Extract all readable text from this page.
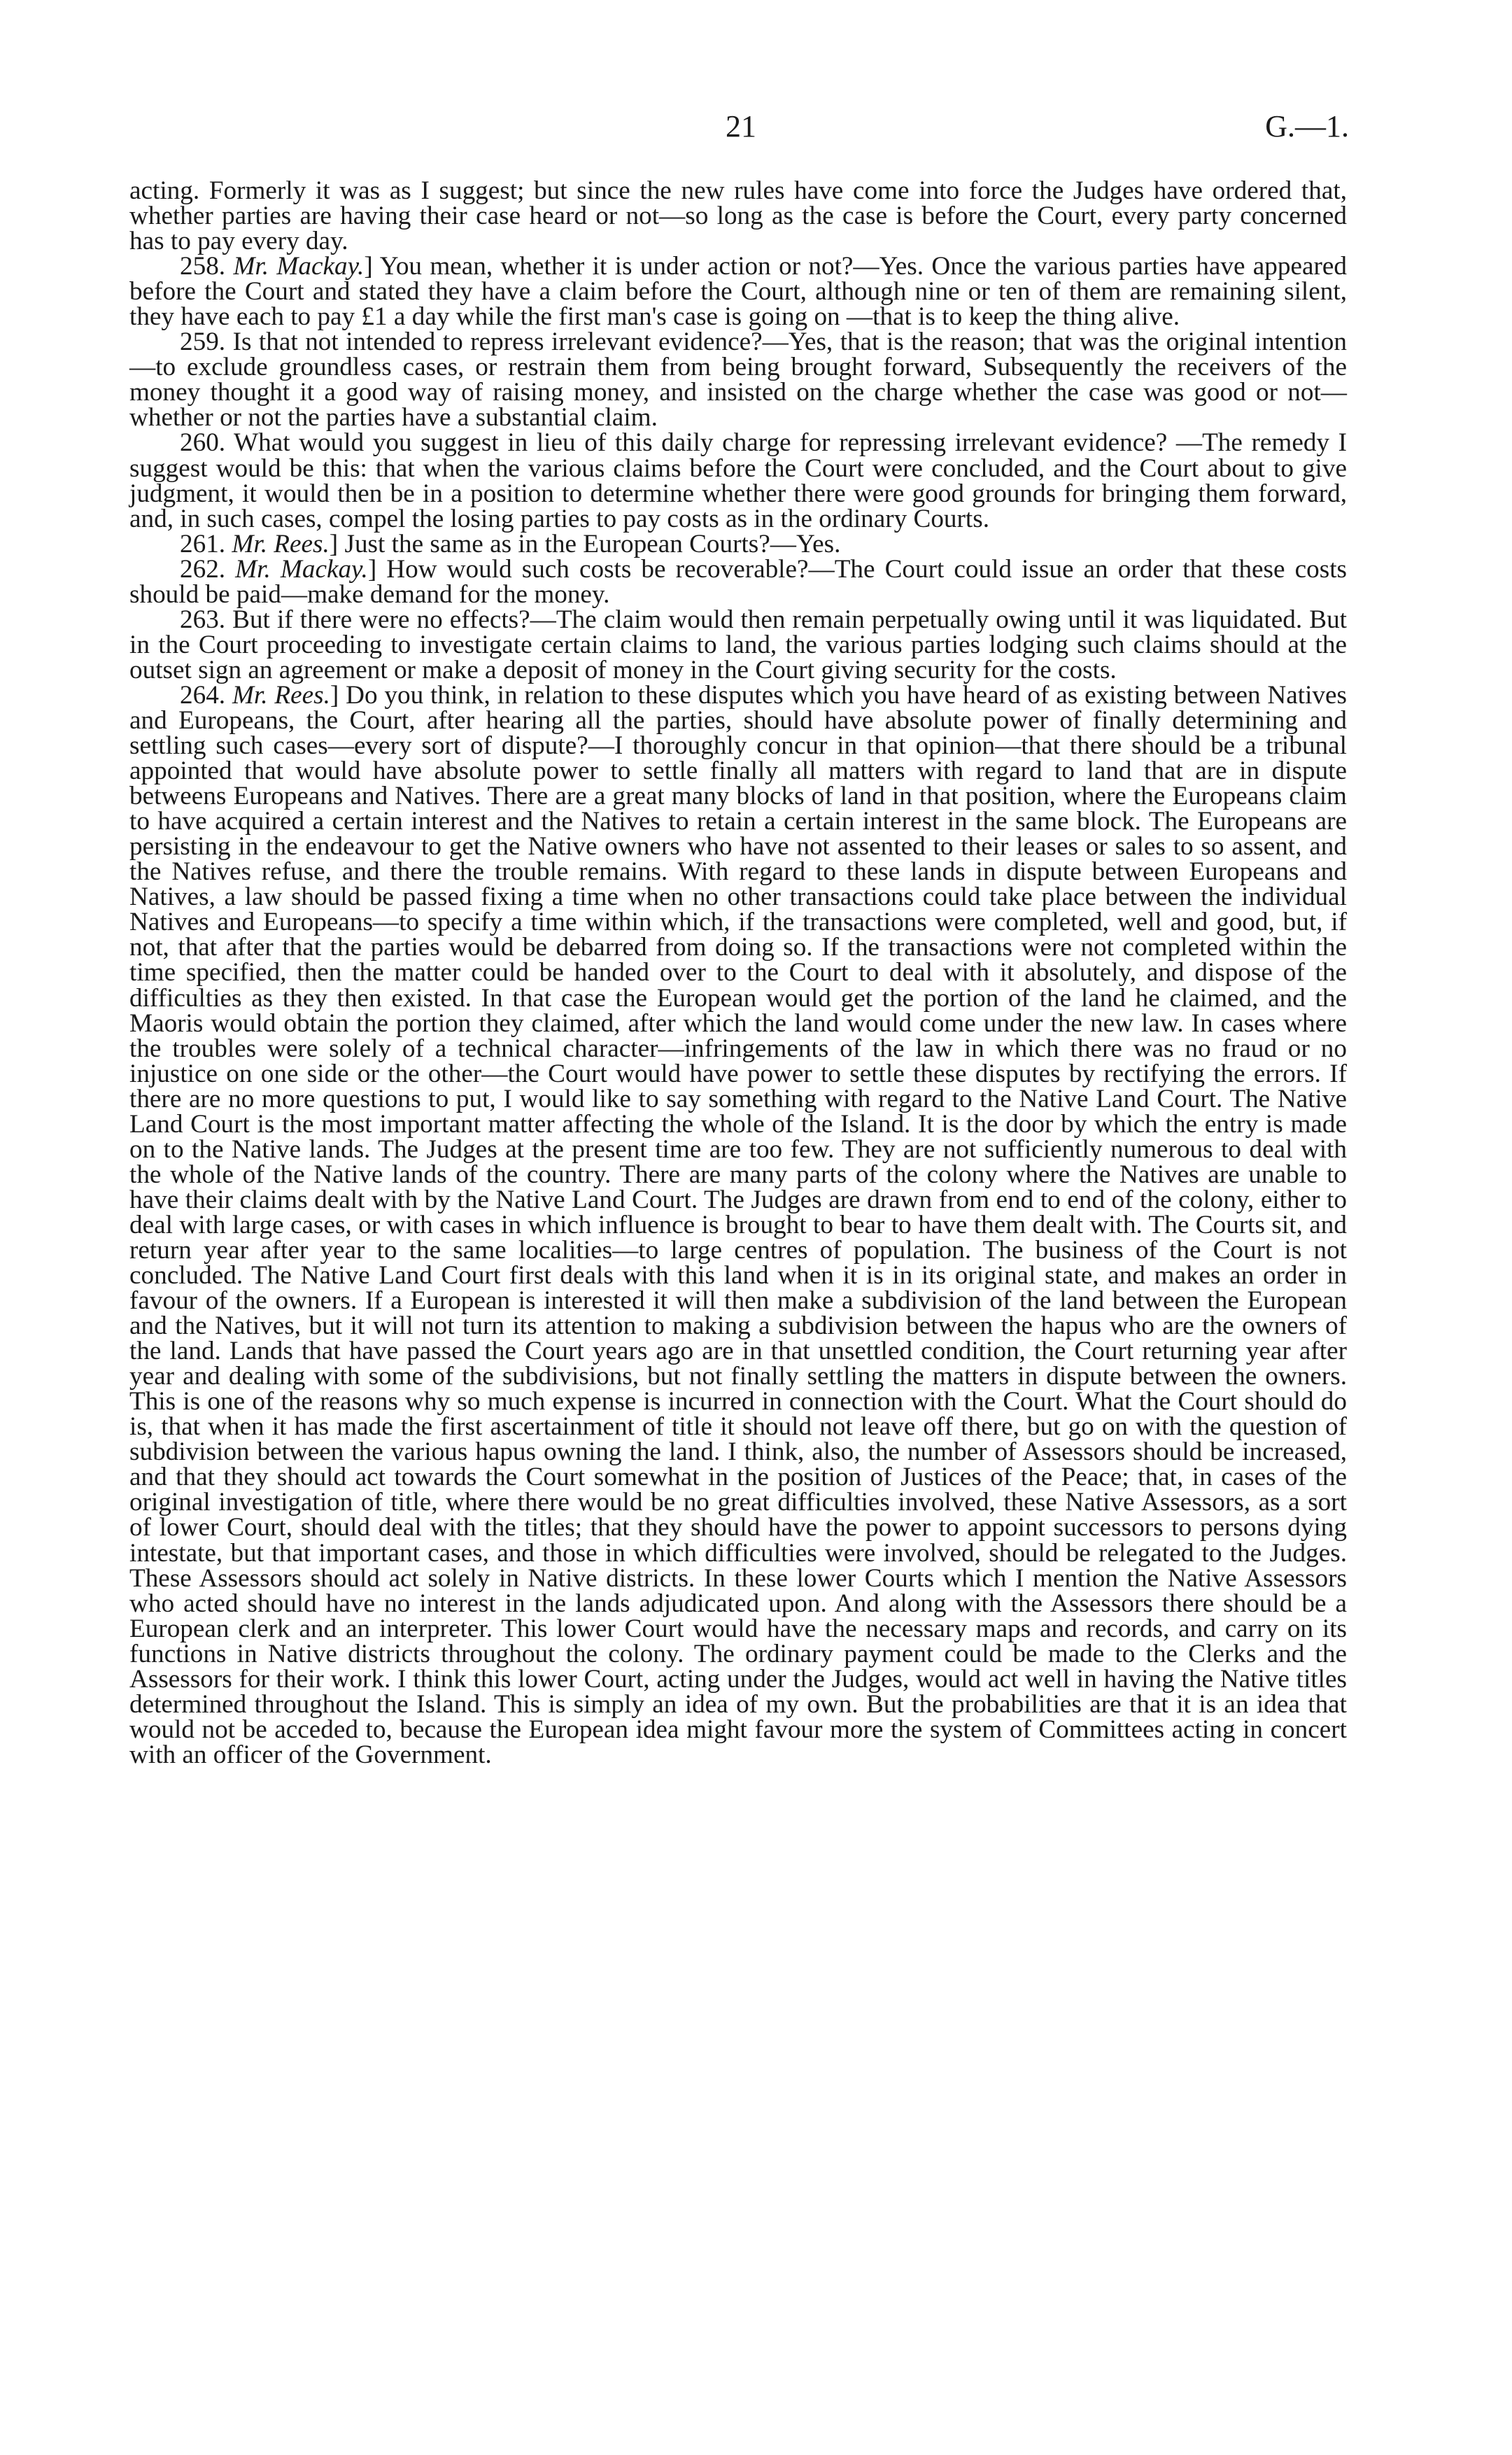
21	G.—1.

acting. Formerly it was as I suggest; but since the new rules have come into force the Judges have ordered that, whether parties are having their case heard or not—so long as the case is before the Court, every party concerned has to pay every day.

258. Mr. Mackay.] You mean, whether it is under action or not?—Yes. Once the various parties have appeared before the Court and stated they have a claim before the Court, although nine or ten of them are remaining silent, they have each to pay £1 a day while the first man's case is going on —that is to keep the thing alive.

259. Is that not intended to repress irrelevant evidence?—Yes, that is the reason; that was the original intention—to exclude groundless cases, or restrain them from being brought forward, Subsequently the receivers of the money thought it a good way of raising money, and insisted on the charge whether the case was good or not—whether or not the parties have a substantial claim.

260. What would you suggest in lieu of this daily charge for repressing irrelevant evidence? —The remedy I suggest would be this: that when the various claims before the Court were concluded, and the Court about to give judgment, it would then be in a position to determine whether there were good grounds for bringing them forward, and, in such cases, compel the losing parties to pay costs as in the ordinary Courts.

261. Mr. Rees.] Just the same as in the European Courts?—Yes.

262. Mr. Mackay.] How would such costs be recoverable?—The Court could issue an order that these costs should be paid—make demand for the money.

263. But if there were no effects?—The claim would then remain perpetually owing until it was liquidated. But in the Court proceeding to investigate certain claims to land, the various parties lodging such claims should at the outset sign an agreement or make a deposit of money in the Court giving security for the costs.

264. Mr. Rees.] Do you think, in relation to these disputes which you have heard of as existing between Natives and Europeans, the Court, after hearing all the parties, should have absolute power of finally determining and settling such cases—every sort of dispute?—I thoroughly concur in that opinion—that there should be a tribunal appointed that would have absolute power to settle finally all matters with regard to land that are in dispute betweens Europeans and Natives. There are a great many blocks of land in that position, where the Europeans claim to have acquired a certain interest and the Natives to retain a certain interest in the same block. The Europeans are persisting in the endeavour to get the Native owners who have not assented to their leases or sales to so assent, and the Natives refuse, and there the trouble remains. With regard to these lands in dispute between Europeans and Natives, a law should be passed fixing a time when no other transactions could take place between the individual Natives and Europeans—to specify a time within which, if the transactions were completed, well and good, but, if not, that after that the parties would be debarred from doing so. If the transactions were not completed within the time specified, then the matter could be handed over to the Court to deal with it absolutely, and dispose of the difficulties as they then existed. In that case the European would get the portion of the land he claimed, and the Maoris would obtain the portion they claimed, after which the land would come under the new law. In cases where the troubles were solely of a technical character—infringements of the law in which there was no fraud or no injustice on one side or the other—the Court would have power to settle these disputes by rectifying the errors. If there are no more questions to put, I would like to say something with regard to the Native Land Court. The Native Land Court is the most important matter affecting the whole of the Island. It is the door by which the entry is made on to the Native lands. The Judges at the present time are too few. They are not sufficiently numerous to deal with the whole of the Native lands of the country. There are many parts of the colony where the Natives are unable to have their claims dealt with by the Native Land Court. The Judges are drawn from end to end of the colony, either to deal with large cases, or with cases in which influence is brought to bear to have them dealt with. The Courts sit, and return year after year to the same localities—to large centres of population. The business of the Court is not concluded. The Native Land Court first deals with this land when it is in its original state, and makes an order in favour of the owners. If a European is interested it will then make a subdivision of the land between the European and the Natives, but it will not turn its attention to making a subdivision between the hapus who are the owners of the land. Lands that have passed the Court years ago are in that unsettled condition, the Court returning year after year and dealing with some of the subdivisions, but not finally settling the matters in dispute between the owners. This is one of the reasons why so much expense is incurred in connection with the Court. What the Court should do is, that when it has made the first ascertainment of title it should not leave off there, but go on with the question of subdivision between the various hapus owning the land. I think, also, the number of Assessors should be increased, and that they should act towards the Court somewhat in the position of Justices of the Peace; that, in cases of the original investigation of title, where there would be no great difficulties involved, these Native Assessors, as a sort of lower Court, should deal with the titles; that they should have the power to appoint successors to persons dying intestate, but that important cases, and those in which difficulties were involved, should be relegated to the Judges. These Assessors should act solely in Native districts. In these lower Courts which I mention the Native Assessors who acted should have no interest in the lands adjudicated upon. And along with the Assessors there should be a European clerk and an interpreter. This lower Court would have the necessary maps and records, and carry on its functions in Native districts throughout the colony. The ordinary payment could be made to the Clerks and the Assessors for their work. I think this lower Court, acting under the Judges, would act well in having the Native titles determined throughout the Island. This is simply an idea of my own. But the probabilities are that it is an idea that would not be acceded to, because the European idea might favour more the system of Committees acting in concert with an officer of the Government.
